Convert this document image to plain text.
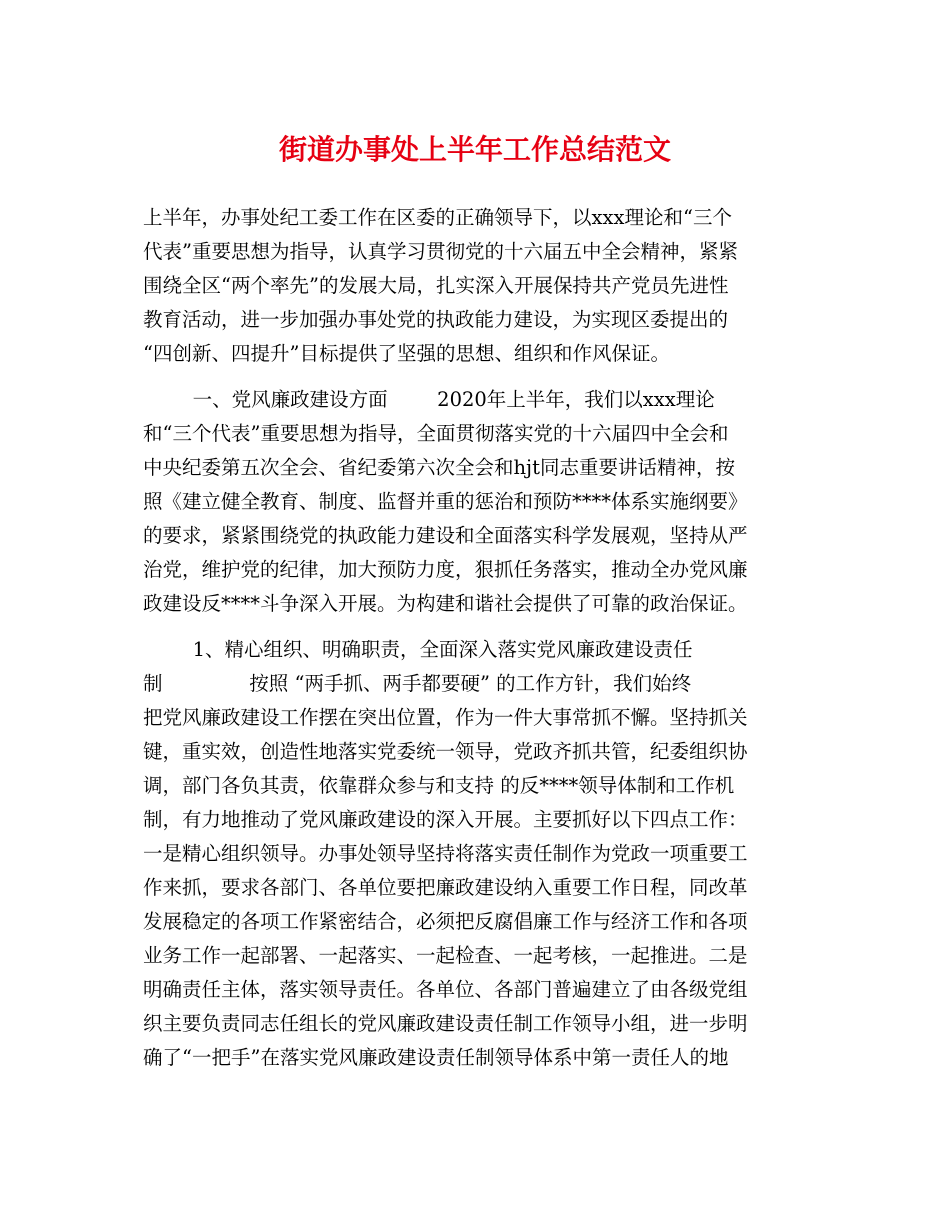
街道办事处上半年工作总结范文
上半年，办事处纪工委工作在区委的正确领导下，以xxx理论和“三个
代表”重要思想为指导，认真学习贯彻党的十六届五中全会精神，紧紧
围绕全区“两个率先”的发展大局，扎实深入开展保持共产党员先进性
教育活动，进一步加强办事处党的执政能力建设，为实现区委提出的
“四创新、四提升”目标提供了坚强的思想、组织和作风保证。
一、党风廉政建设方面        2020年上半年，我们以xxx理论
和“三个代表”重要思想为指导，全面贯彻落实党的十六届四中全会和
中央纪委第五次全会、省纪委第六次全会和hjt同志重要讲话精神，按
照《建立健全教育、制度、监督并重的惩治和预防****体系实施纲要》
的要求，紧紧围绕党的执政能力建设和全面落实科学发展观，坚持从严
治党，维护党的纪律，加大预防力度，狠抓任务落实，推动全办党风廉
政建设反****斗争深入开展。为构建和谐社会提供了可靠的政治保证。
1、精心组织、明确职责，全面深入落实党风廉政建设责任
制              按照 “两手抓、两手都要硬” 的工作方针，我们始终
把党风廉政建设工作摆在突出位置，作为一件大事常抓不懈。坚持抓关
键，重实效，创造性地落实党委统一领导，党政齐抓共管，纪委组织协
调，部门各负其责，依靠群众参与和支持 的反****领导体制和工作机
制，有力地推动了党风廉政建设的深入开展。主要抓好以下四点工作：
一是精心组织领导。办事处领导坚持将落实责任制作为党政一项重要工
作来抓，要求各部门、各单位要把廉政建设纳入重要工作日程，同改革
发展稳定的各项工作紧密结合，必须把反腐倡廉工作与经济工作和各项
业务工作一起部署、一起落实、一起检查、一起考核，一起推进。二是
明确责任主体，落实领导责任。各单位、各部门普遍建立了由各级党组
织主要负责同志任组长的党风廉政建设责任制工作领导小组，进一步明
确了“一把手”在落实党风廉政建设责任制领导体系中第一责任人的地
